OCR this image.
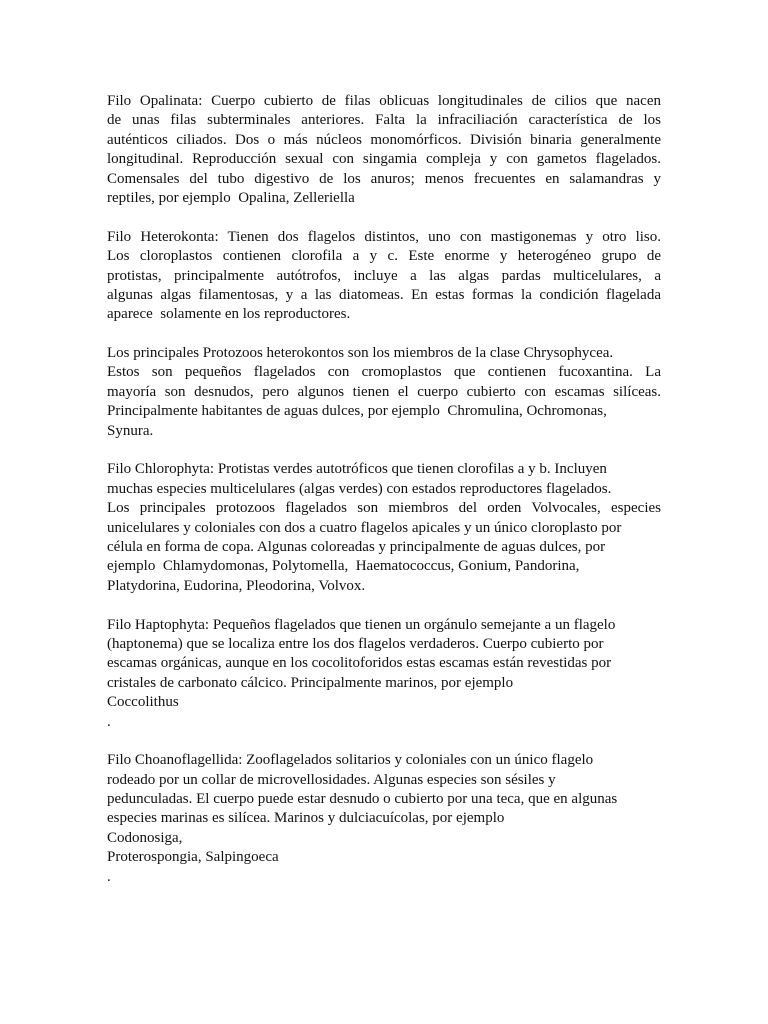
Filo Opalinata: Cuerpo cubierto de filas oblicuas longitudinales de cilios que nacen
de unas filas subterminales anteriores. Falta la infraciliación característica de los
auténticos ciliados. Dos o más núcleos monomórficos. División binaria generalmente
longitudinal. Reproducción sexual con singamia compleja y con gametos flagelados.
Comensales del tubo digestivo de los anuros; menos frecuentes en salamandras y
reptiles, por ejemplo  Opalina, Zelleriella
Filo Heterokonta: Tienen dos flagelos distintos, uno con mastigonemas y otro liso.
Los cloroplastos contienen clorofila a y c. Este enorme y heterogéneo grupo de
protistas, principalmente autótrofos, incluye a las algas pardas multicelulares, a
algunas algas filamentosas, y a las diatomeas. En estas formas la condición flagelada
aparece  solamente en los reproductores.
Los principales Protozoos heterokontos son los miembros de la clase Chrysophycea.
Estos son pequeños flagelados con cromoplastos que contienen fucoxantina. La
mayoría son desnudos, pero algunos tienen el cuerpo cubierto con escamas silíceas.
Principalmente habitantes de aguas dulces, por ejemplo  Chromulina, Ochromonas,
Synura.
Filo Chlorophyta: Protistas verdes autotróficos que tienen clorofilas a y b. Incluyen
muchas especies multicelulares (algas verdes) con estados reproductores flagelados.
Los principales protozoos flagelados son miembros del orden Volvocales, especies
unicelulares y coloniales con dos a cuatro flagelos apicales y un único cloroplasto por
célula en forma de copa. Algunas coloreadas y principalmente de aguas dulces, por
ejemplo  Chlamydomonas, Polytomella,  Haematococcus, Gonium, Pandorina,
Platydorina, Eudorina, Pleodorina, Volvox.
Filo Haptophyta: Pequeños flagelados que tienen un orgánulo semejante a un flagelo
(haptonema) que se localiza entre los dos flagelos verdaderos. Cuerpo cubierto por
escamas orgánicas, aunque en los cocolitoforidos estas escamas están revestidas por
cristales de carbonato cálcico. Principalmente marinos, por ejemplo
Coccolithus
.
Filo Choanoflagellida: Zooflagelados solitarios y coloniales con un único flagelo
rodeado por un collar de microvellosidades. Algunas especies son sésiles y
pedunculadas. El cuerpo puede estar desnudo o cubierto por una teca, que en algunas
especies marinas es silícea. Marinos y dulciacuícolas, por ejemplo
Codonosiga,
Proterospongia, Salpingoeca
.
